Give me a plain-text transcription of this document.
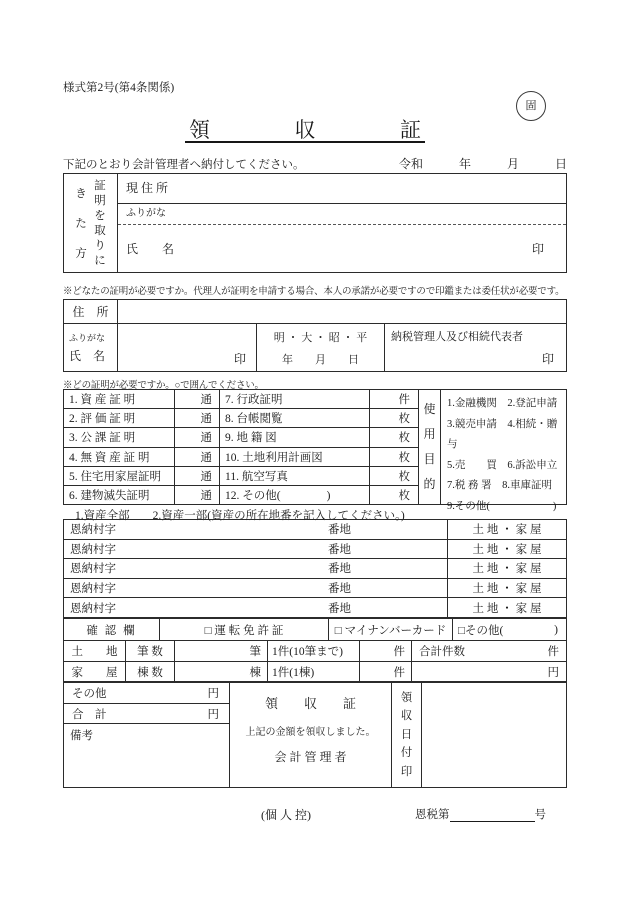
様式第2号(第4条関係)
固
領	収	証
下記のとおり会計管理者へ納付してください。	令和　　　年　　　月　　　日
きた方
証明を取りに
現 住 所
ふりがな
氏　　名	印
※どなたの証明が必要ですか。代理人が証明を申請する場合、本人の承諾が必要ですので印鑑または委任状が必要です。
住　所
ふりがな
氏　名	印
明 ・ 大 ・ 昭 ・ 平
年　　月　　日
納税管理人及び相続代表者
印
※どの証明が必要ですか。○で囲んでください。
1. 資 産 証 明	通	7. 行政証明	件
2. 評 価 証 明	通	8. 台帳閲覧	枚
3. 公 課 証 明	通	9. 地 籍 図	枚
4. 無 資 産 証 明	通	10. 土地利用計画図	枚
5. 住宅用家屋証明	通	11. 航空写真	枚
6. 建物滅失証明	通	12. その他(　　　　)	枚
使用目的
1.金融機関　2.登記申請
3.競売申請　4.相続・贈与
5.売　　買　6.訴訟申立
7.税 務 署　8.車庫証明
9.その他(　　　　　　)
1.資産全部　　2.資産一部(資産の所在地番を記入してください。)
恩納村字	番地	土 地 ・ 家 屋
恩納村字	番地	土 地 ・ 家 屋
恩納村字	番地	土 地 ・ 家 屋
恩納村字	番地	土 地 ・ 家 屋
恩納村字	番地	土 地 ・ 家 屋
確 認 欄	□ 運 転 免 許 証	□ マイナンバーカード	□その他(	)
土　　地	筆 数	筆 1件(10筆まで)	件	合計件数	件
家　　屋	棟 数	棟 1件(1棟)	件	円
その他	円
合　計	円
備考
領　　収　　証
上記の金額を領収しました。
会 計 管 理 者
領収日付印
(個 人 控)	恩税第	号
